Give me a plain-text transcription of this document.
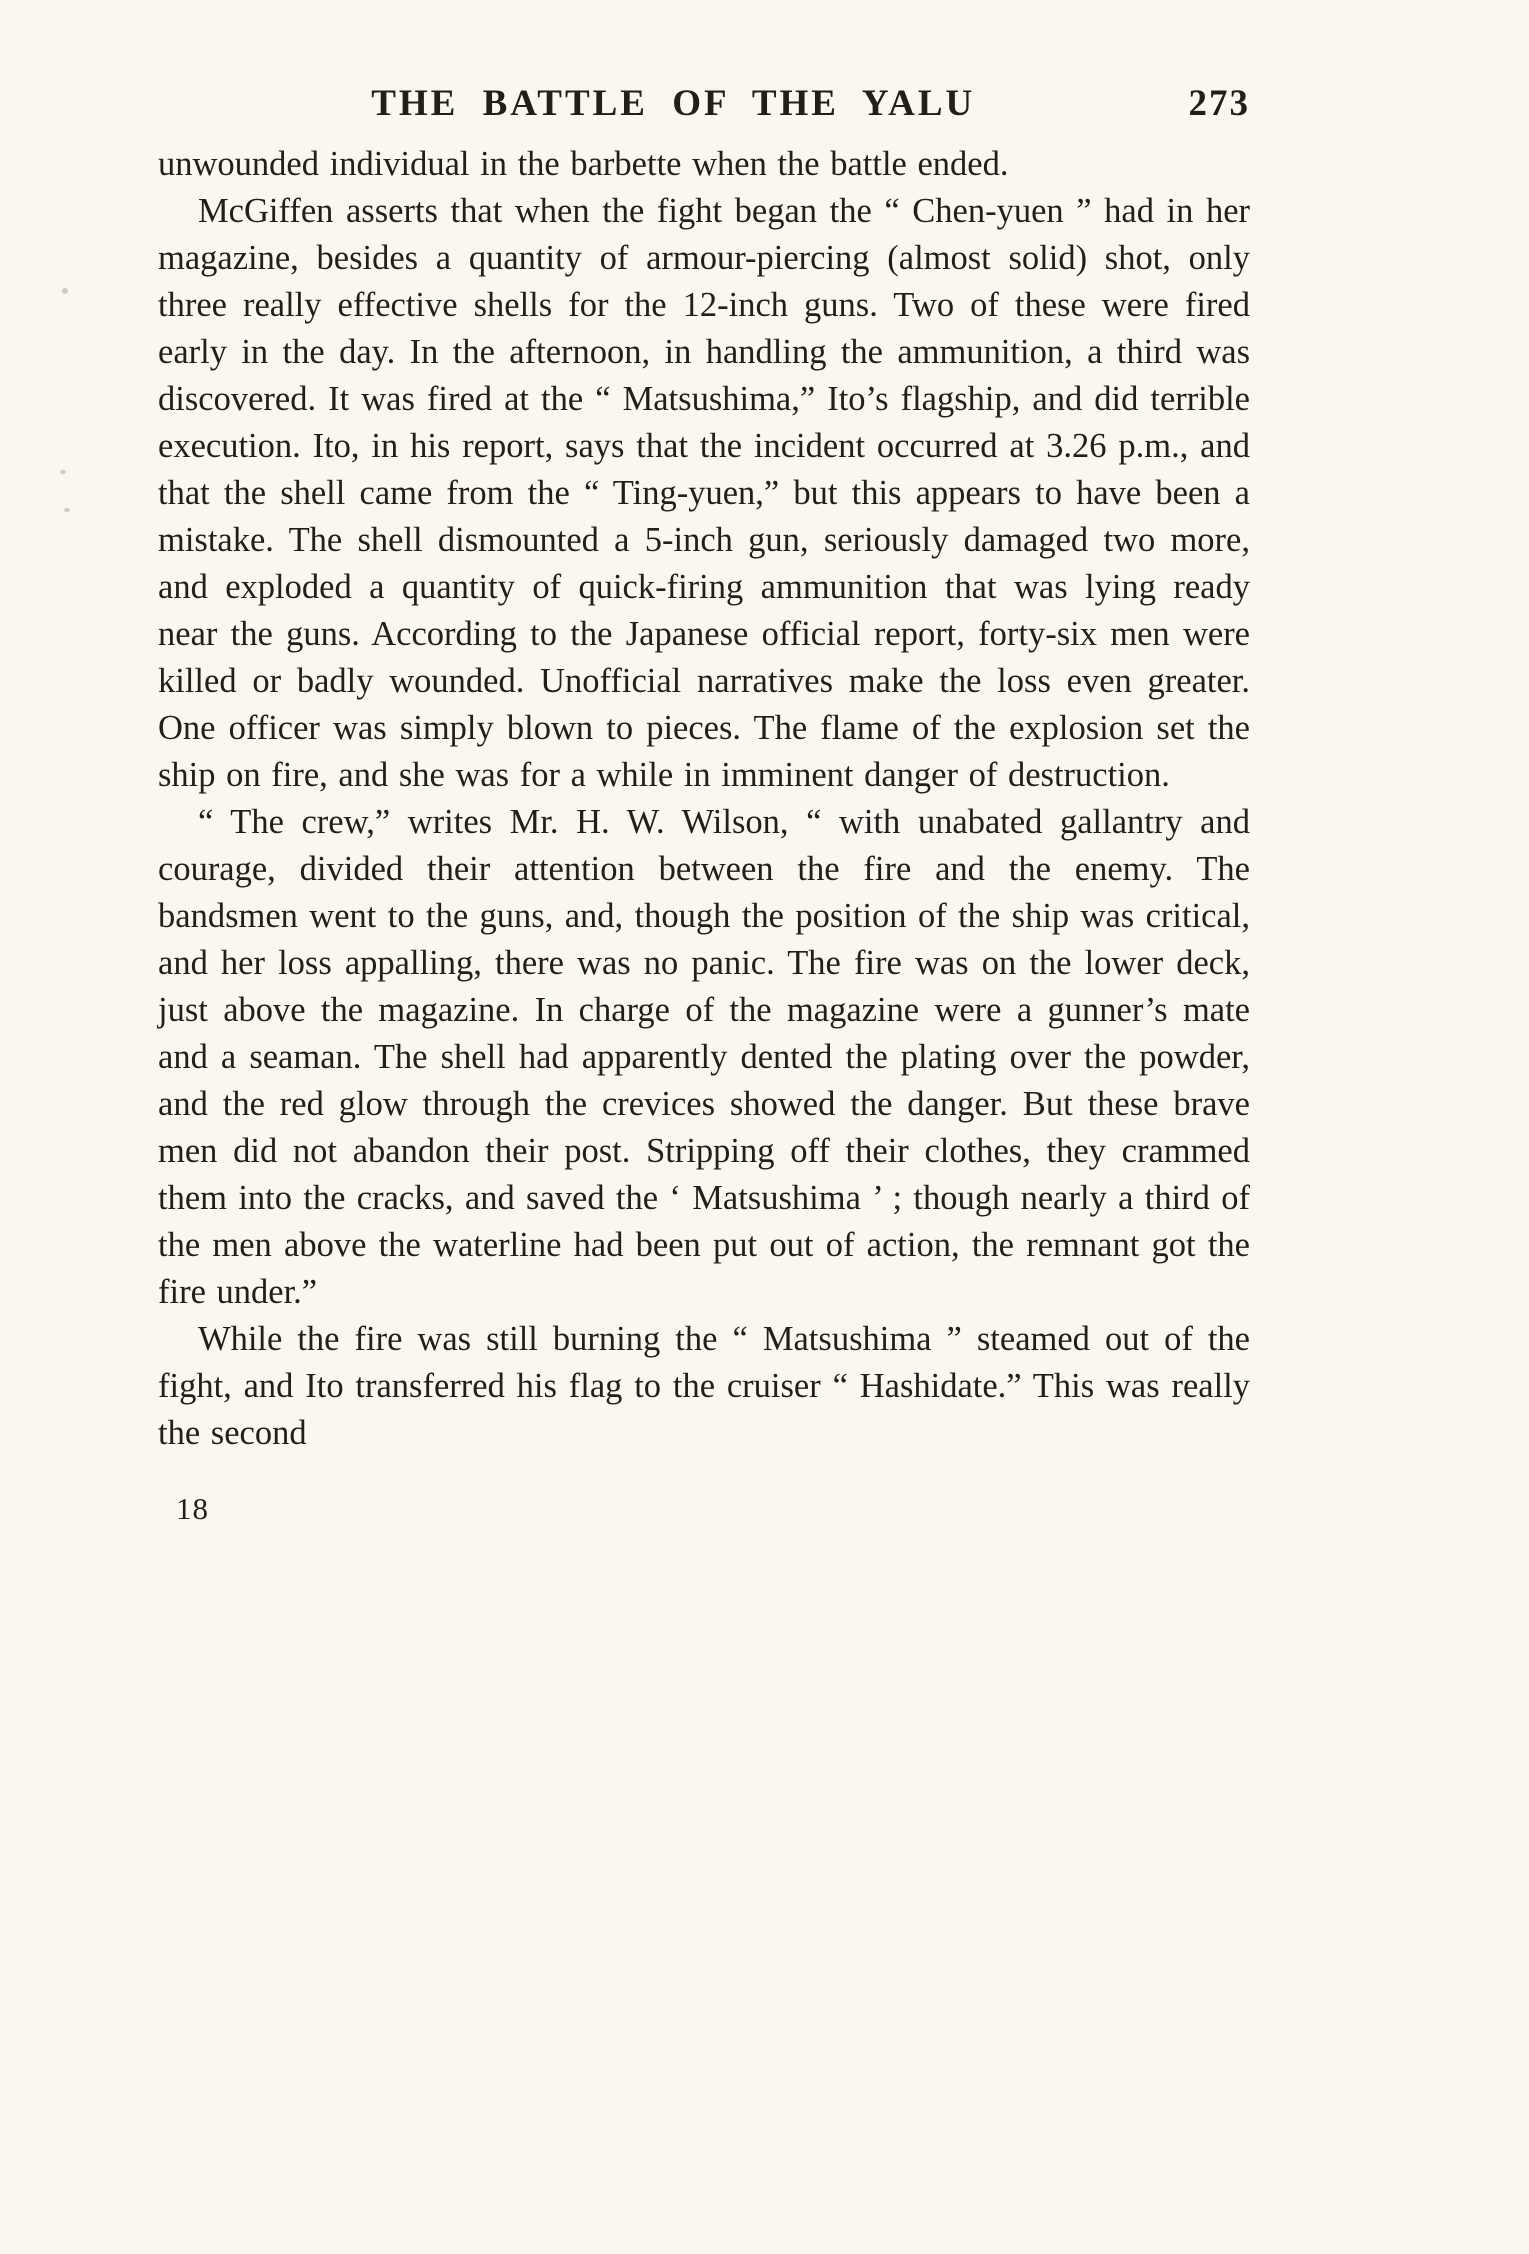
THE BATTLE OF THE YALU	273

unwounded individual in the barbette when the battle ended.

McGiffen asserts that when the fight began the “ Chen-yuen ” had in her magazine, besides a quantity of armour-piercing (almost solid) shot, only three really effective shells for the 12-inch guns. Two of these were fired early in the day. In the afternoon, in handling the ammunition, a third was discovered. It was fired at the “ Matsushima,” Ito’s flagship, and did terrible execution. Ito, in his report, says that the incident occurred at 3.26 p.m., and that the shell came from the “ Ting-yuen,” but this appears to have been a mistake. The shell dismounted a 5-inch gun, seriously damaged two more, and exploded a quantity of quick-firing ammunition that was lying ready near the guns. According to the Japanese official report, forty-six men were killed or badly wounded. Unofficial narratives make the loss even greater. One officer was simply blown to pieces. The flame of the explosion set the ship on fire, and she was for a while in imminent danger of destruction.

“ The crew,” writes Mr. H. W. Wilson, “ with unabated gallantry and courage, divided their attention between the fire and the enemy. The bandsmen went to the guns, and, though the position of the ship was critical, and her loss appalling, there was no panic. The fire was on the lower deck, just above the magazine. In charge of the magazine were a gunner’s mate and a seaman. The shell had apparently dented the plating over the powder, and the red glow through the crevices showed the danger. But these brave men did not abandon their post. Stripping off their clothes, they crammed them into the cracks, and saved the ‘ Matsushima ’ ; though nearly a third of the men above the waterline had been put out of action, the remnant got the fire under.”

While the fire was still burning the “ Matsushima ” steamed out of the fight, and Ito transferred his flag to the cruiser “ Hashidate.” This was really the second

18
